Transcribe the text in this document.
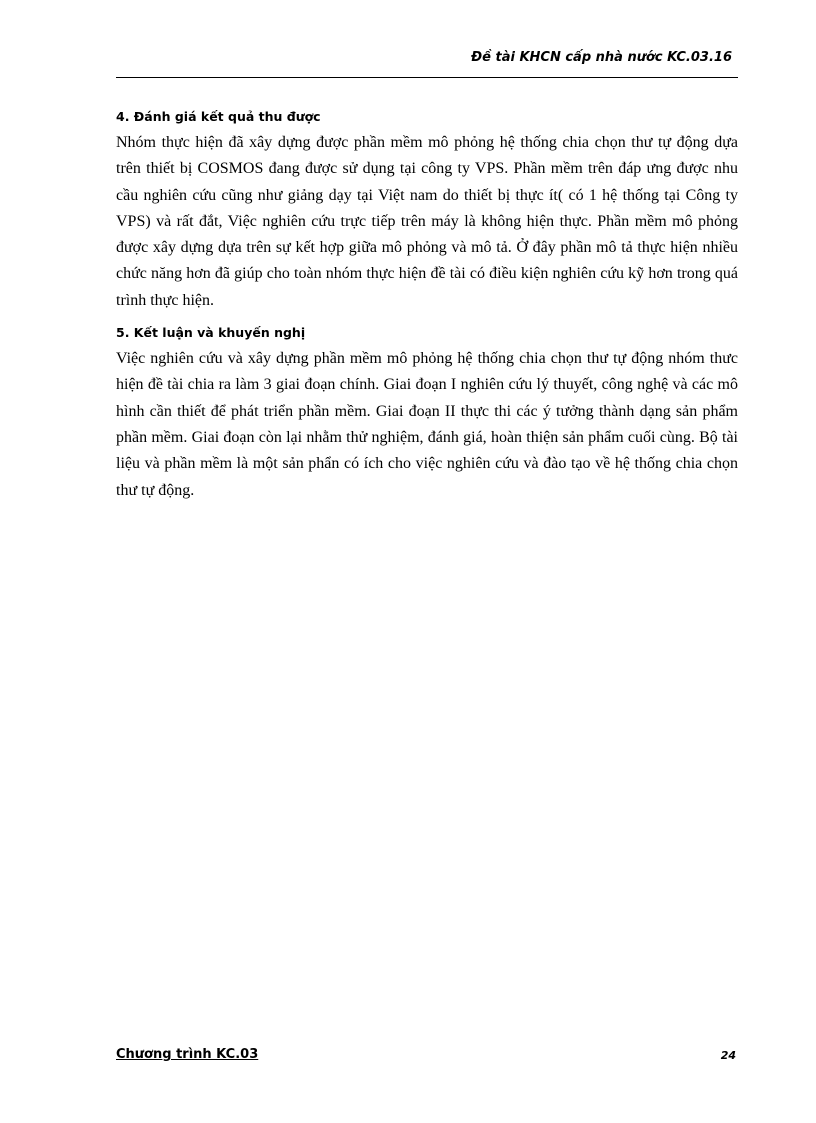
Đề tài KHCN cấp nhà nước KC.03.16
4. Đánh giá kết quả thu được

Nhóm thực hiện đã xây dựng được phần mềm mô phỏng hệ thống chia chọn thư tự động dựa trên thiết bị COSMOS đang được sử dụng tại công ty VPS. Phần mềm trên đáp ưng được nhu cầu nghiên cứu cũng như giảng dạy tại Việt nam do thiết bị thực ít( có 1 hệ thống tại Công ty VPS) và rất đắt, Việc nghiên cứu trực tiếp trên máy là không hiện thực. Phần mềm mô phỏng được xây dựng dựa trên sự kết hợp giữa mô phỏng và mô tả. Ở đây phần mô tả thực hiện nhiều chức năng hơn đã giúp cho toàn nhóm thực hiện đề tài có điều kiện nghiên cứu kỹ hơn trong quá trình thực hiện.

5. Kết luận và khuyến nghị

Việc nghiên cứu và xây dựng phần mềm mô phỏng hệ thống chia chọn thư tự động nhóm thưc hiện đề tài chia ra làm 3 giai đoạn chính. Giai đoạn I nghiên cứu lý thuyết, công nghệ và các mô hình cần thiết để phát triển phần mềm. Giai đoạn II thực thi các ý tưởng thành dạng sản phẩm phần mềm. Giai đoạn còn lại nhằm thử nghiệm, đánh giá, hoàn thiện sản phẩm cuối cùng. Bộ tài liệu và phần mềm là một sản phẩn có ích cho việc nghiên cứu và đào tạo về hệ thống chia chọn thư tự động.

Chương trình KC.03	24
